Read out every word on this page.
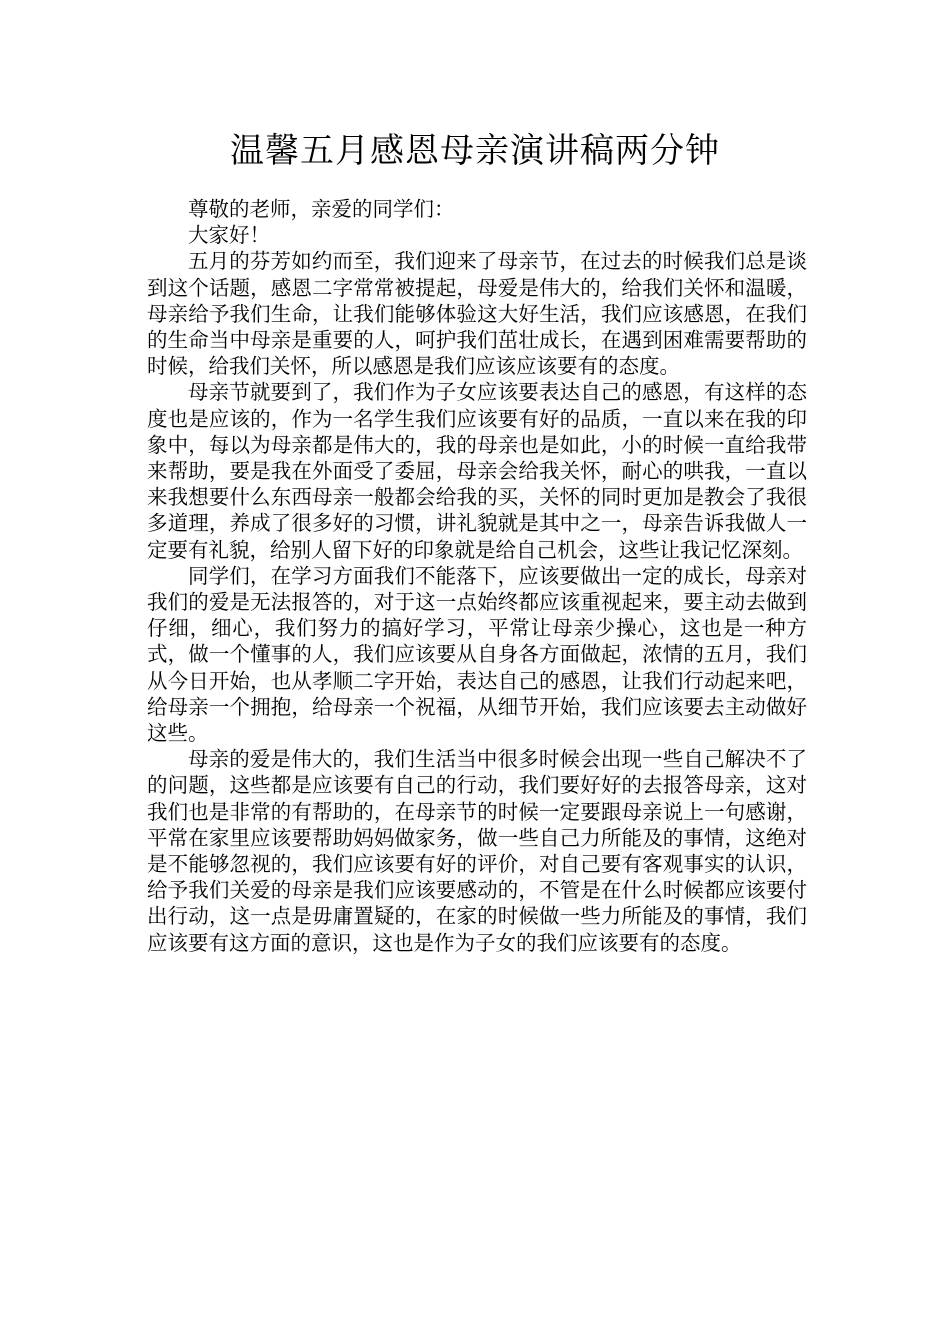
温馨五月感恩母亲演讲稿两分钟

尊敬的老师，亲爱的同学们：

大家好！

五月的芬芳如约而至，我们迎来了母亲节，在过去的时候我们总是谈到这个话题，感恩二字常常被提起，母爱是伟大的，给我们关怀和温暖，母亲给予我们生命，让我们能够体验这大好生活，我们应该感恩，在我们的生命当中母亲是重要的人，呵护我们茁壮成长，在遇到困难需要帮助的时候，给我们关怀，所以感恩是我们应该应该要有的态度。

母亲节就要到了，我们作为子女应该要表达自己的感恩，有这样的态度也是应该的，作为一名学生我们应该要有好的品质，一直以来在我的印象中，每以为母亲都是伟大的，我的母亲也是如此，小的时候一直给我带来帮助，要是我在外面受了委屈，母亲会给我关怀，耐心的哄我，一直以来我想要什么东西母亲一般都会给我的买，关怀的同时更加是教会了我很多道理，养成了很多好的习惯，讲礼貌就是其中之一，母亲告诉我做人一定要有礼貌，给别人留下好的印象就是给自己机会，这些让我记忆深刻。

同学们，在学习方面我们不能落下，应该要做出一定的成长，母亲对我们的爱是无法报答的，对于这一点始终都应该重视起来，要主动去做到仔细，细心，我们努力的搞好学习，平常让母亲少操心，这也是一种方式，做一个懂事的人，我们应该要从自身各方面做起，浓情的五月，我们从今日开始，也从孝顺二字开始，表达自己的感恩，让我们行动起来吧，给母亲一个拥抱，给母亲一个祝福，从细节开始，我们应该要去主动做好这些。

母亲的爱是伟大的，我们生活当中很多时候会出现一些自己解决不了的问题，这些都是应该要有自己的行动，我们要好好的去报答母亲，这对我们也是非常的有帮助的，在母亲节的时候一定要跟母亲说上一句感谢，平常在家里应该要帮助妈妈做家务，做一些自己力所能及的事情，这绝对是不能够忽视的，我们应该要有好的评价，对自己要有客观事实的认识，给予我们关爱的母亲是我们应该要感动的，不管是在什么时候都应该要付出行动，这一点是毋庸置疑的，在家的时候做一些力所能及的事情，我们应该要有这方面的意识，这也是作为子女的我们应该要有的态度。
